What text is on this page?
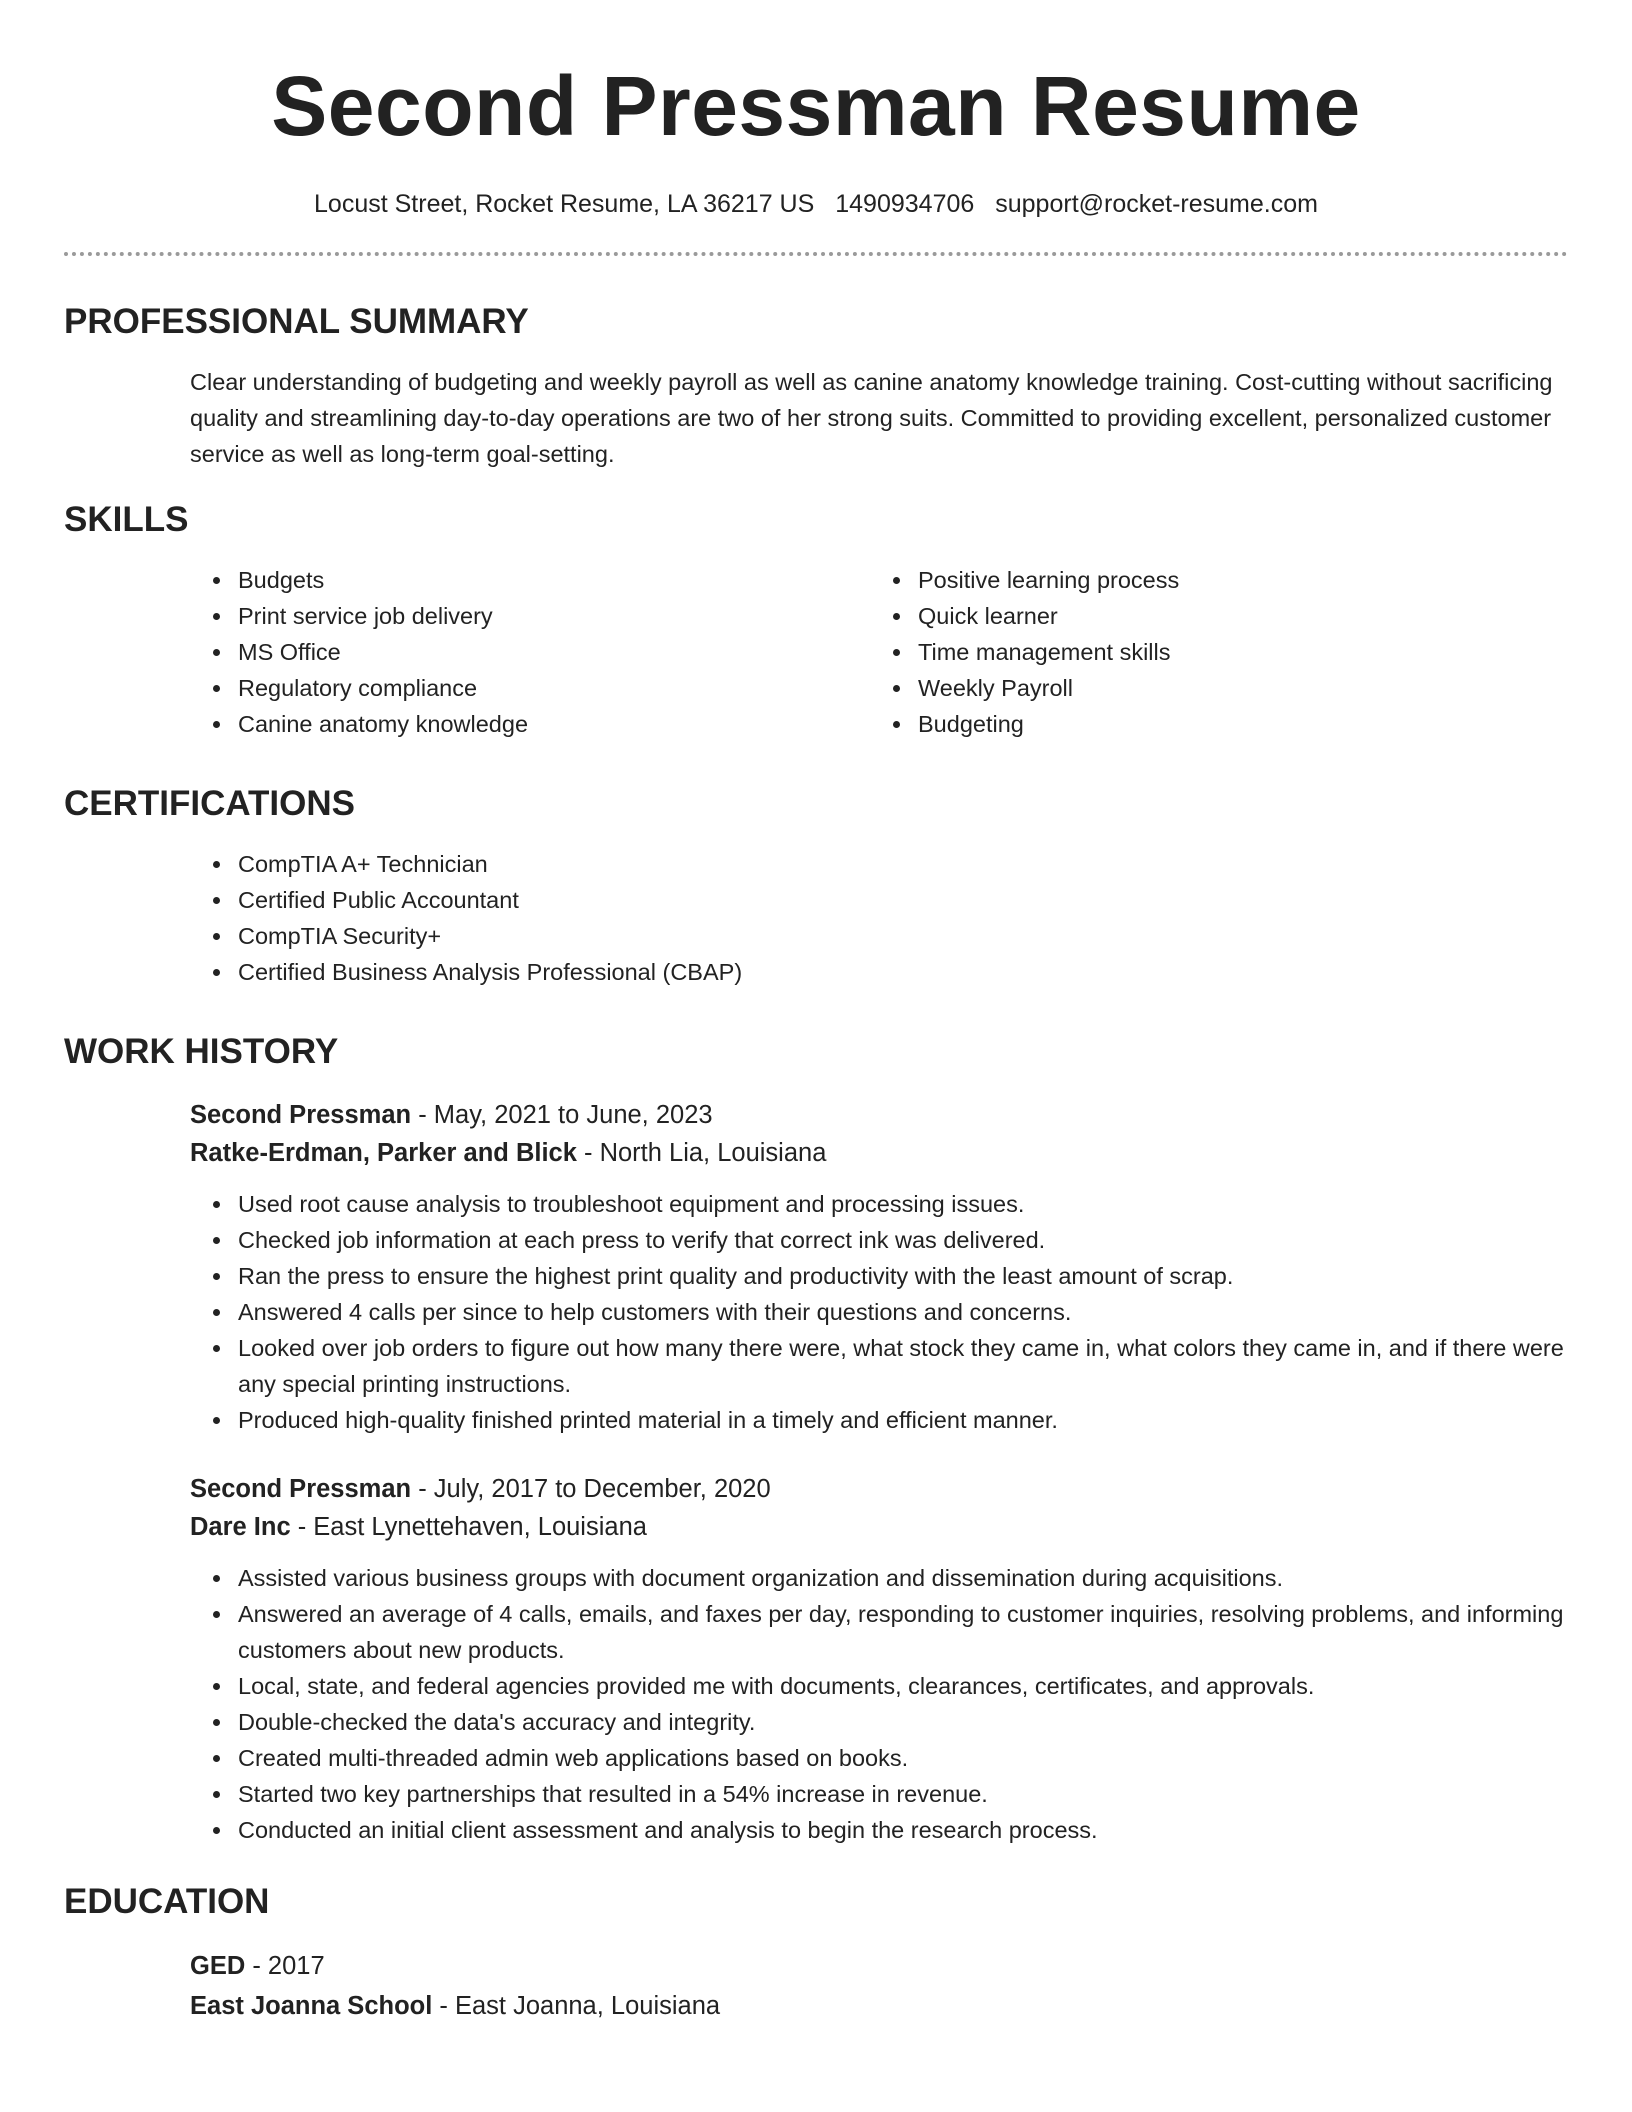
Second Pressman Resume
Locust Street, Rocket Resume, LA 36217 US 1490934706 support@rocket-resume.com
PROFESSIONAL SUMMARY

Clear understanding of budgeting and weekly payroll as well as canine anatomy knowledge training. Cost-cutting without sacrificing quality and streamlining day-to-day operations are two of her strong suits. Committed to providing excellent, personalized customer service as well as long-term goal-setting.

SKILLS
• Budgets
• Print service job delivery
• MS Office
• Regulatory compliance
• Canine anatomy knowledge
• Positive learning process
• Quick learner
• Time management skills
• Weekly Payroll
• Budgeting
CERTIFICATIONS
• CompTIA A+ Technician
• Certified Public Accountant
• CompTIA Security+
• Certified Business Analysis Professional (CBAP)
WORK HISTORY
Second Pressman - May, 2021 to June, 2023
Ratke-Erdman, Parker and Blick - North Lia, Louisiana
• Used root cause analysis to troubleshoot equipment and processing issues.
• Checked job information at each press to verify that correct ink was delivered.
• Ran the press to ensure the highest print quality and productivity with the least amount of scrap.
• Answered 4 calls per since to help customers with their questions and concerns.
• Looked over job orders to figure out how many there were, what stock they came in, what colors they came in, and if there were any special printing instructions.
• Produced high-quality finished printed material in a timely and efficient manner.
Second Pressman - July, 2017 to December, 2020
Dare Inc - East Lynettehaven, Louisiana
• Assisted various business groups with document organization and dissemination during acquisitions.
• Answered an average of 4 calls, emails, and faxes per day, responding to customer inquiries, resolving problems, and informing customers about new products.
• Local, state, and federal agencies provided me with documents, clearances, certificates, and approvals.
• Double-checked the data's accuracy and integrity.
• Created multi-threaded admin web applications based on books.
• Started two key partnerships that resulted in a 54% increase in revenue.
• Conducted an initial client assessment and analysis to begin the research process.
EDUCATION
GED - 2017
East Joanna School - East Joanna, Louisiana
